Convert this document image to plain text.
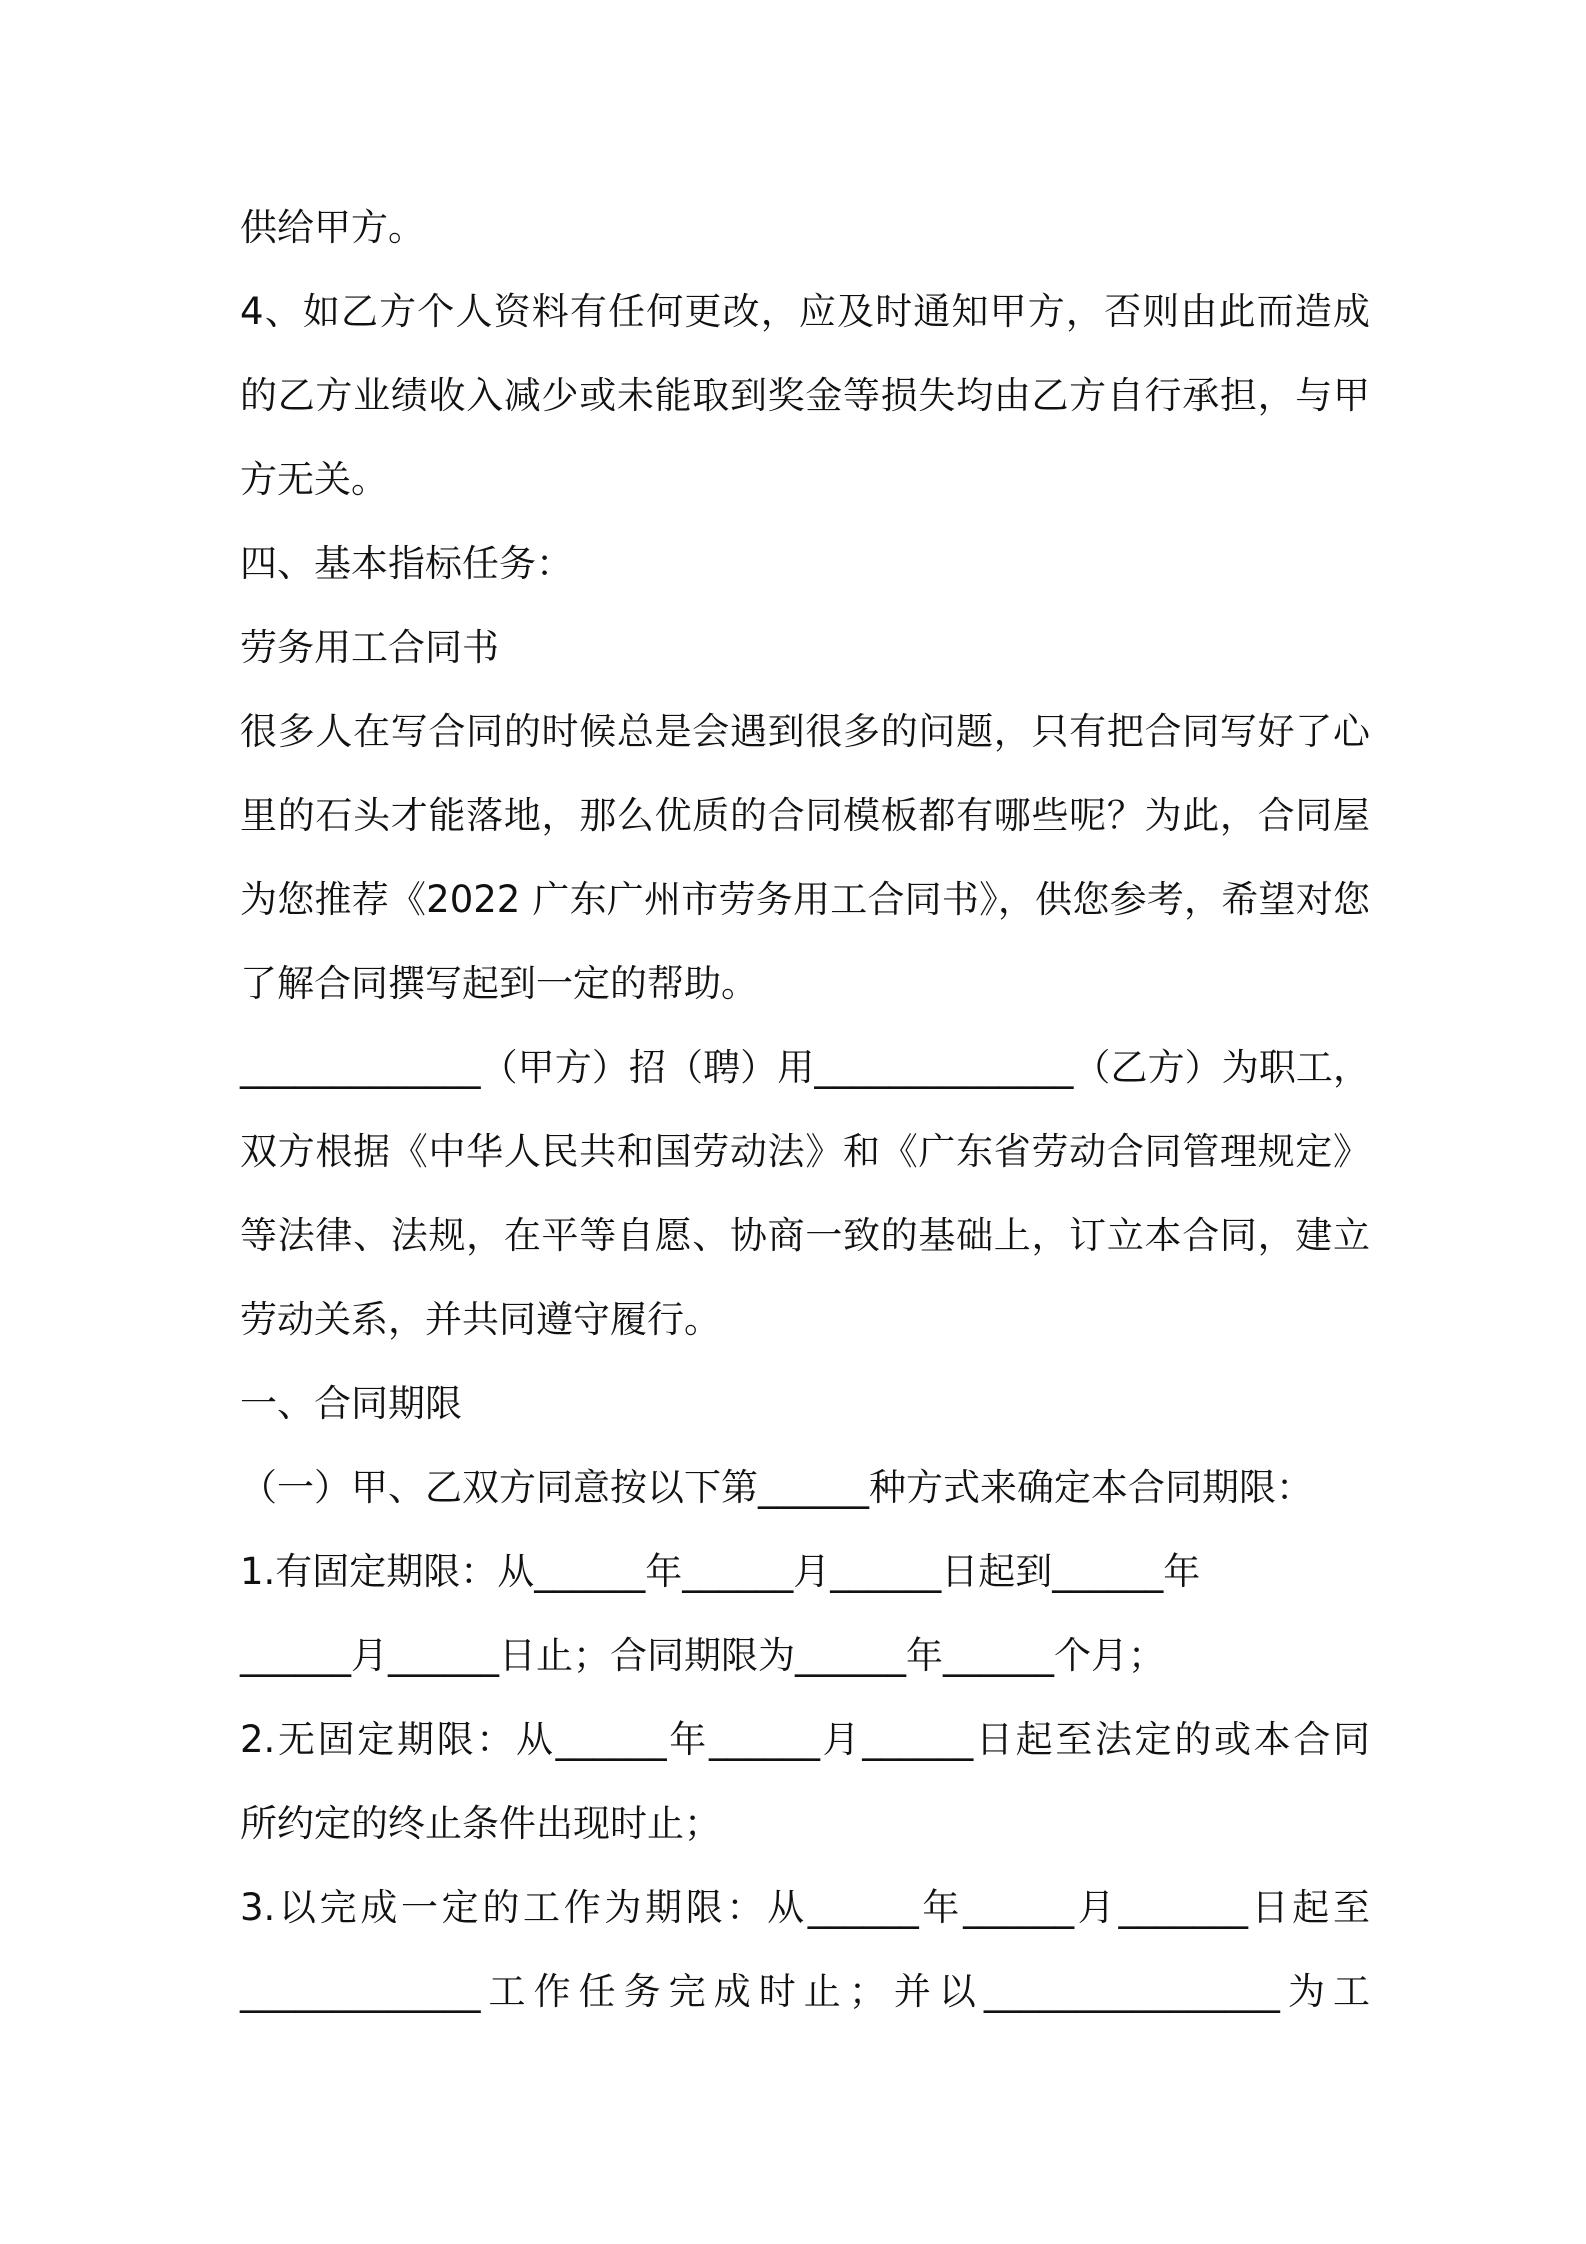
供给甲方。
4、如乙方个人资料有任何更改，应及时通知甲方，否则由此而造成
的乙方业绩收入减少或未能取到奖金等损失均由乙方自行承担，与甲
方无关。
四、基本指标任务：
劳务用工合同书
很多人在写合同的时候总是会遇到很多的问题，只有把合同写好了心
里的石头才能落地，那么优质的合同模板都有哪些呢？为此，合同屋
为您推荐《2022 广东广州市劳务用工合同书》，供您参考，希望对您
了解合同撰写起到一定的帮助。
_____________（甲方）招（聘）用______________（乙方）为职工，
双方根据《中华人民共和国劳动法》和《广东省劳动合同管理规定》
等法律、法规，在平等自愿、协商一致的基础上，订立本合同，建立
劳动关系，并共同遵守履行。
一、合同期限
（一）甲、乙双方同意按以下第______种方式来确定本合同期限：
1.有固定期限：从______年______月______日起到______年
______月______日止；合同期限为______年______个月；
2.无固定期限：从______年______月______日起至法定的或本合同
所约定的终止条件出现时止；
3.以完成一定的工作为期限：从______年______月_______日起至
_____________工作任务完成时止；并以________________为工
